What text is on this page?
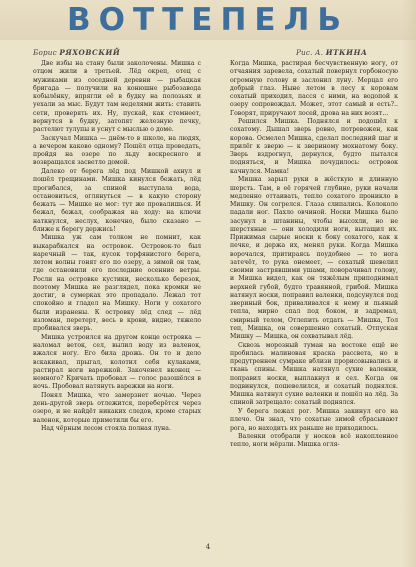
ВОТТЕПЕЛЬ
Борис РЯХОВСКИЙ	Рис. А. ИТКИНА

Две избы на стану были заколочены. Мишка с отцом жили в третьей. Лёд окреп, отец с мужиками из соседней деревни — рыбацкая бригада — получили на конюшне рыбозавода кобылёнку, впрягли её в будку на полозьях и уехали за мыс. Будут там неделями жить: ставить сети, проверять их. Ну, пускай, как стемнеет, вернутся в будку, затопят железную печку, растелют тулупы и уснут с мыслью о доме.

Заскучал Мишка — днём-то в школе, на людях, а вечером каково одному? Пошёл отца проведать, пройдя на озере по льду воскресного и возвращался засветло домой.

Далеко от берега лёд под Мишкой ахнул и пошёл трещинами. Мишка кинулся бежать, лёд прогибался, за спиной выступала вода, остановиться, оглянуться — в какую сторону бежать — Мишке не мог: тут же провалишься. И бежал, бежал, соображая на ходу: на ключи наткнулся, неслух, конечно, было сказано — ближе к берегу держись!

Мишка уж сам толком не помнит, как выкарабкался на островок. Островок-то был наречный — так, кусок торфянистого берега, летом волны гонят его по озеру, а зимой он там, где остановили его последние осенние ветры. Росли на островке кустики, несколько березок, поэтому Мишка не разглядел, пока кромки не достиг, в сумерках это пропадало. Лежал тот спокойно и гладел на Мишку. Ноги у сохатого были изранены. К островку лёд след — лёд изломан, перетерт, весь в крови, видно, тяжело пробивался зверь.

Мишка устроился на другом конце островка — наломал веток, сел, вылил воду из валенок, вжался ногу. Его била дрожь. Он то и дело вскакивал, прыгал, колотил себя кулаками, растирал ноги варежкой. Закоченел вконец — немного? Кричать пробовал — голос разошёлся в ночь. Пробовал натянуть варежки на ноги.

Понял Мишка, что замерзнет ночью. Через день-другой зверь отлежится, переберётся через озеро, и не найдёт никаких следов, кроме старых валенок, которые приметили бы его.

Над чёрным лесом стояла полная луна.

Когда Мишка, растирая бесчувственную ногу, от отчаяния заревела, сохатый повернул горбоносую огромную голову и заслонил луну. Мерцал его добрый глаз. Ныне летом в лесу к коровам сохатый приходил, пасся с ними, на водопой к озеру сопровождал. Может, этот самый и есть?.. Говорят, приручают лосей, дрова на них возят...

Решился Мишка. Поднялся и подошёл к сохатому. Дышал зверь ровно, потревожен, как корова. Осмелел Мишка, сделал последний шаг и прилёг к зверю — к звериному мохнатому боку. Зверь вздрогнул, дернулся, будто пытался подняться, и Мишка почудилось: островок качнулся. Мамка!

Мишка зарыл руки в жёсткую и длинную шерсть. Там, в её горячей глубине, руки начали медленно оттаивать, тепло сохатого проникло в Мишку. Он согрелся. Глаза слипались. Колоколо падали ног. Пахло овчиной. Носки Мишка было засунул в штанины, чтобы высохли, но не шерстяные — они холодили ноги, вытащил их. Прижимая сырые носки к боку сохатого, как к печке, и держа их, менял руки. Когда Мишка ворочался, притираясь поудобнее — то нога затечёт, то рука онемеет, — сохатый шевелил своими застрявшими ушами, поворачивал голову, и Мишка видел, как он тяжёлым приподнимал верхней губой, будто травянной, грибой. Мишка натянул носки, поправил валенки, подсунулся под звериный бок, приваливался к нему и пьяный тепла, мирно спал под боком, и задремал, смирный телом, Отлепить отдать — Мишка, Тол теп, Мишка, он совершенно сохатый. Отпуская Мишку — Мишка, он сохватывал лёд.

Сквозь морозный туман на востоке ещё не пробилась малиновая краска рассвета, но в предутреннем сумраке вблизи прорисовывались и ткань спины. Мишка натянул сухие валенки, поправил носки, выплакнул и сел. Когда он подвинулся, пошевелился, и сохатый поднялся. Мишка натянул сухие валенки и пошёл на лёд. За спиной затрещало: сохатый поднялся.

У берега лежал рог. Мишка закинул его на плечо. Он знал, что сохатые зимой сбрасывают рога, но находить их раньше не приходилось.

Валенки отобрали у носков всё накопленное тепло, ноги мёрзли. Мишка огля-

4
